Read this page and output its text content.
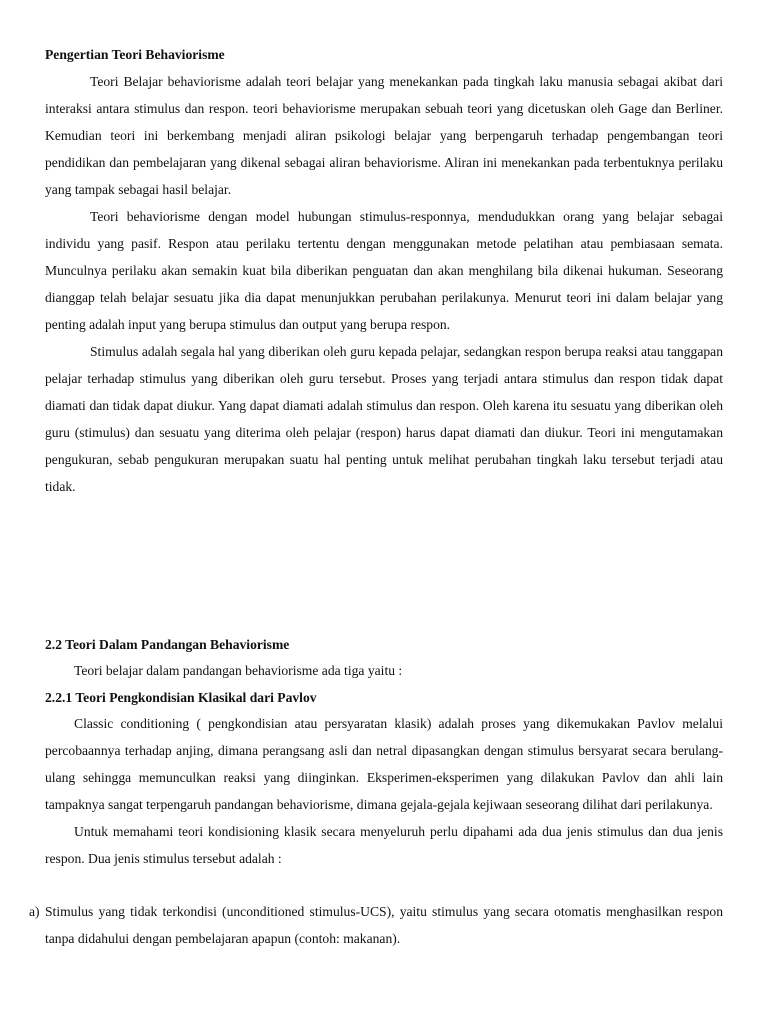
Pengertian Teori Behaviorisme

Teori Belajar behaviorisme adalah teori belajar yang menekankan pada tingkah laku manusia sebagai akibat dari interaksi antara stimulus dan respon. teori behaviorisme merupakan sebuah teori yang dicetuskan oleh Gage dan Berliner. Kemudian teori ini berkembang menjadi aliran psikologi belajar yang berpengaruh terhadap pengembangan teori pendidikan dan pembelajaran yang dikenal sebagai aliran behaviorisme. Aliran ini menekankan pada terbentuknya perilaku yang tampak sebagai hasil belajar.

Teori behaviorisme dengan model hubungan stimulus-responnya, mendudukkan orang yang belajar sebagai individu yang pasif. Respon atau perilaku tertentu dengan menggunakan metode pelatihan atau pembiasaan semata. Munculnya perilaku akan semakin kuat bila diberikan penguatan dan akan menghilang bila dikenai hukuman. Seseorang dianggap telah belajar sesuatu jika dia dapat menunjukkan perubahan perilakunya. Menurut teori ini dalam belajar yang penting adalah input yang berupa stimulus dan output yang berupa respon.

Stimulus adalah segala hal yang diberikan oleh guru kepada pelajar, sedangkan respon berupa reaksi atau tanggapan pelajar terhadap stimulus yang diberikan oleh guru tersebut. Proses yang terjadi antara stimulus dan respon tidak dapat diamati dan tidak dapat diukur. Yang dapat diamati adalah stimulus dan respon. Oleh karena itu sesuatu yang diberikan oleh guru (stimulus) dan sesuatu yang diterima oleh pelajar (respon) harus dapat diamati dan diukur. Teori ini mengutamakan pengukuran, sebab pengukuran merupakan suatu hal penting untuk melihat perubahan tingkah laku tersebut terjadi atau tidak.

2.2 Teori Dalam Pandangan Behaviorisme

Teori belajar dalam pandangan behaviorisme ada tiga yaitu :

2.2.1 Teori Pengkondisian Klasikal dari Pavlov

Classic conditioning ( pengkondisian atau persyaratan klasik) adalah proses yang dikemukakan Pavlov melalui percobaannya terhadap anjing, dimana perangsang asli dan netral dipasangkan dengan stimulus bersyarat secara berulang-ulang sehingga memunculkan reaksi yang diinginkan. Eksperimen-eksperimen yang dilakukan Pavlov dan ahli lain tampaknya sangat terpengaruh pandangan behaviorisme, dimana gejala-gejala kejiwaan seseorang dilihat dari perilakunya.

Untuk memahami teori kondisioning klasik secara menyeluruh perlu dipahami ada dua jenis stimulus dan dua jenis respon. Dua jenis stimulus tersebut adalah :

a) Stimulus yang tidak terkondisi (unconditioned stimulus-UCS), yaitu stimulus yang secara otomatis menghasilkan respon tanpa didahului dengan pembelajaran apapun (contoh: makanan).
